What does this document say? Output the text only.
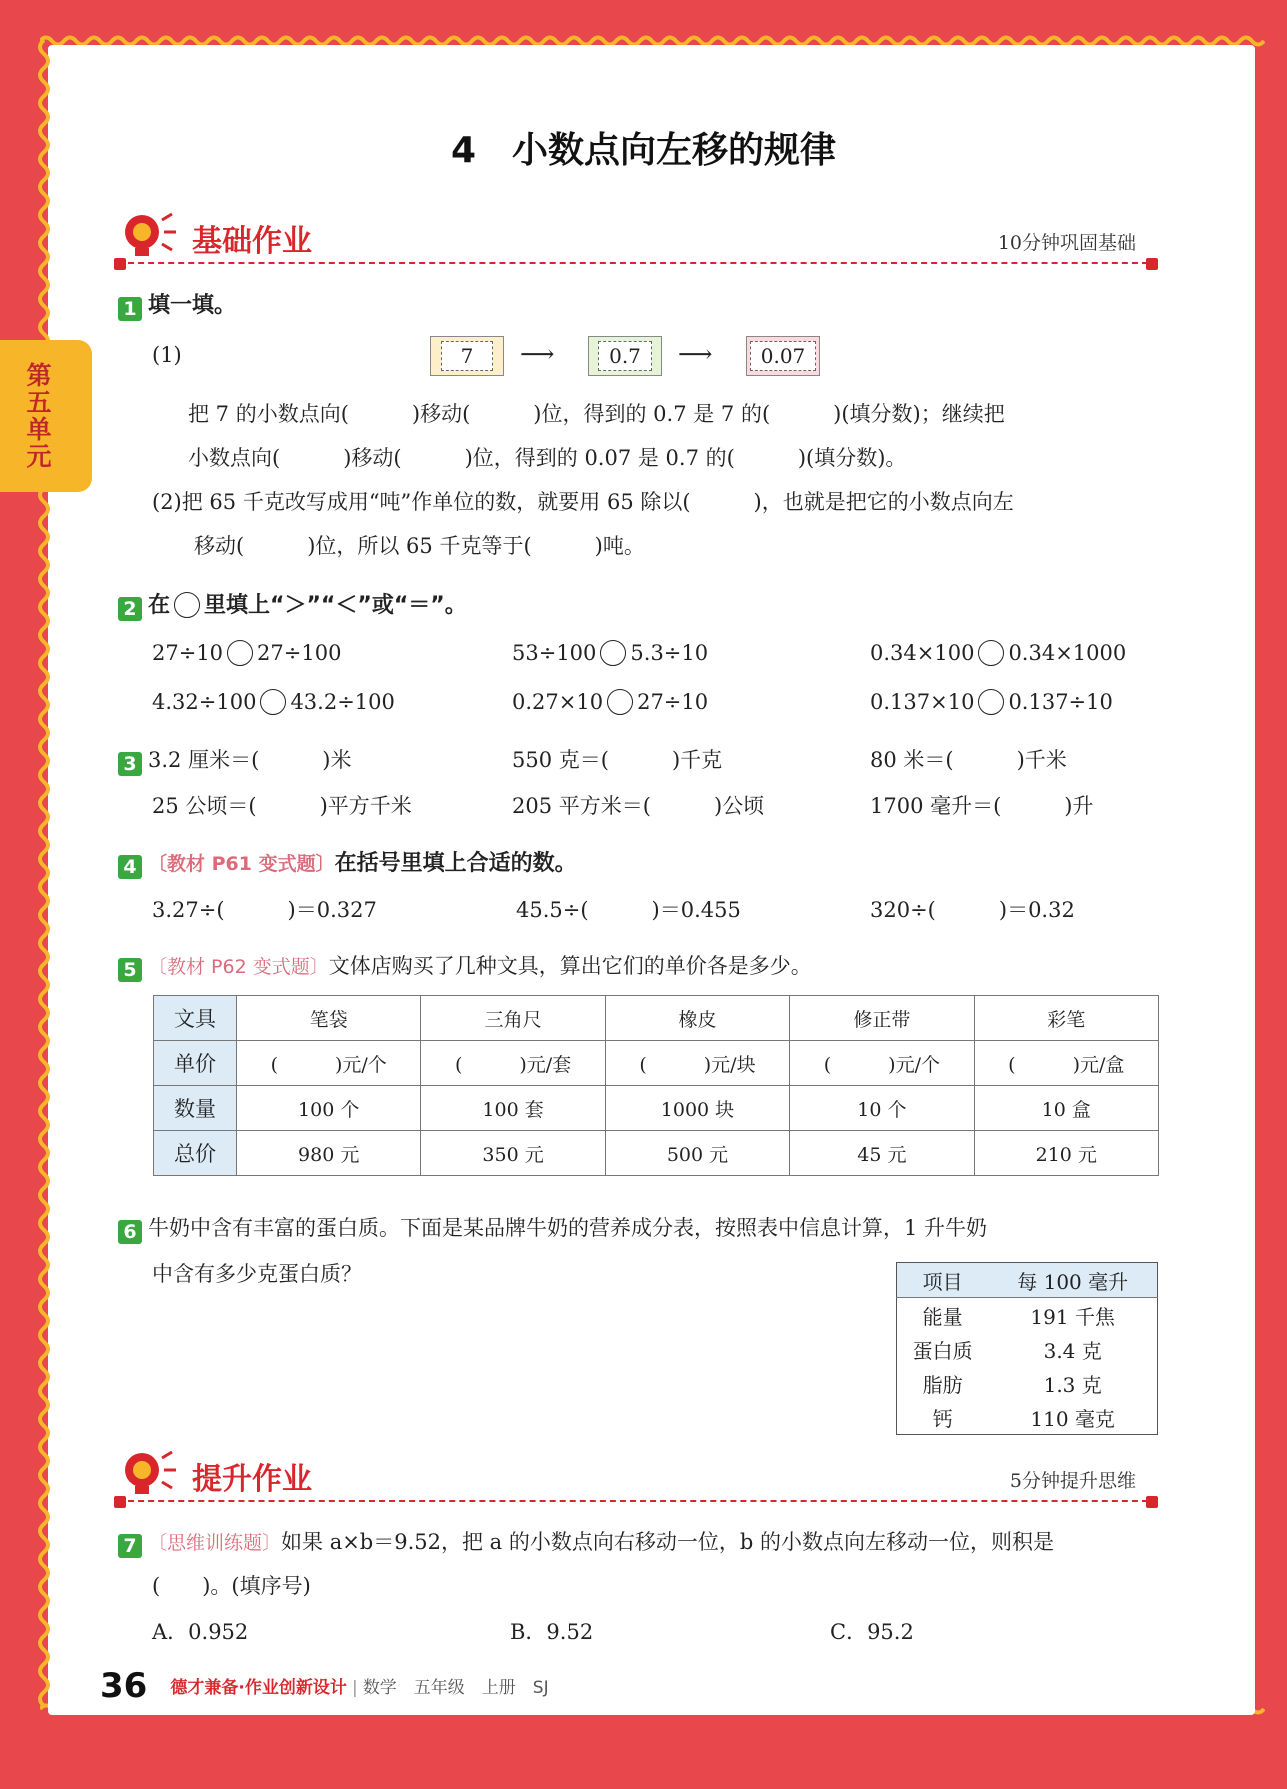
第五单元
4　小数点向左移的规律
基础作业	10分钟巩固基础
1 填一填。
(1)	7	⟶	0.7	⟶	0.07
把 7 的小数点向(　　　)移动(　　　)位，得到的 0.7 是 7 的(　　　)(填分数)；继续把
小数点向(　　　)移动(　　　)位，得到的 0.07 是 0.7 的(　　　)(填分数)。
(2)把 65 千克改写成用“吨”作单位的数，就要用 65 除以(　　　)，也就是把它的小数点向左
移动(　　　)位，所以 65 千克等于(　　　)吨。
2 在 里填上“＞”“＜”或“＝”。
27÷10 27÷100	53÷100 5.3÷10	0.34×100 0.34×1000
4.32÷100 43.2÷100	0.27×10 27÷10	0.137×10 0.137÷10
3 3.2 厘米＝(　　　)米	550 克＝(　　　)千克	80 米＝(　　　)千米
25 公顷＝(　　　)平方千米	205 平方米＝(　　　)公顷	1700 毫升＝(　　　)升
4 〔教材 P61 变式题〕在括号里填上合适的数。
3.27÷(　　　)＝0.327	45.5÷(　　　)＝0.455	320÷(　　　)＝0.32
5 〔教材 P62 变式题〕文体店购买了几种文具，算出它们的单价各是多少。
文具	笔袋	三角尺	橡皮	修正带	彩笔
单价	(　　　)元/个	(　　　)元/套	(　　　)元/块	(　　　)元/个	(　　　)元/盒
数量	100 个	100 套	1000 块	10 个	10 盒
总价	980 元	350 元	500 元	45 元	210 元
6 牛奶中含有丰富的蛋白质。下面是某品牌牛奶的营养成分表，按照表中信息计算，1 升牛奶
中含有多少克蛋白质？	项目	每 100 毫升
能量	191 千焦
蛋白质	3.4 克
脂肪	1.3 克
钙	110 毫克
提升作业	5分钟提升思维
7 〔思维训练题〕如果 a×b＝9.52，把 a 的小数点向右移动一位，b 的小数点向左移动一位，则积是
(　　)。(填序号)
A．0.952	B．9.52	C．95.2
36 德才兼备·作业创新设计 | 数学　五年级　上册　SJ
